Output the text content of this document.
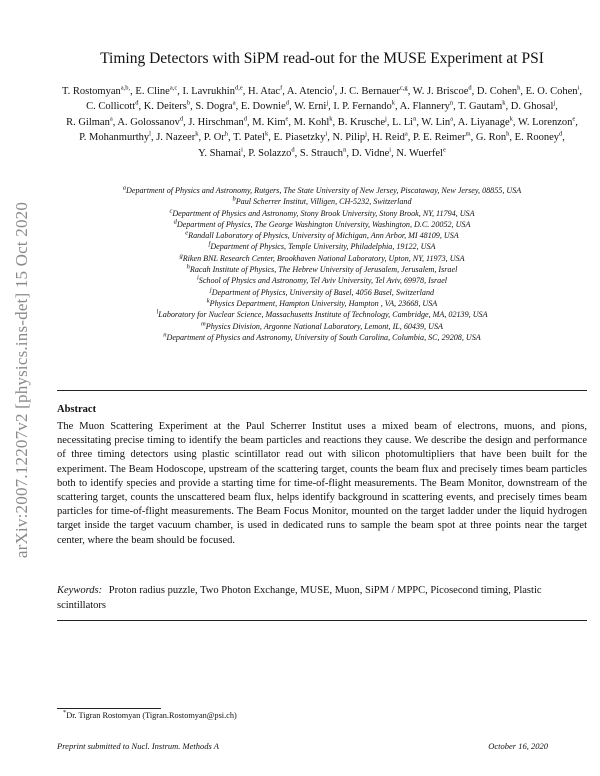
arXiv:2007.12207v2 [physics.ins-det] 15 Oct 2020
Timing Detectors with SiPM read-out for the MUSE Experiment at PSI
T. Rostomyan$^{a,b,}$, E. Cline$^{a,c}$, I. Lavrukhin$^{d,e}$, H. Atac$^f$, A. Atencio$^f$, J. C. Bernauer$^{c,g}$, W. J. Briscoe$^d$, D. Cohen$^h$, E. O. Cohen$^i$, C. Collicott$^d$, K. Deiters$^b$, S. Dogra$^a$, E. Downie$^d$, W. Erni$^j$, I. P. Fernando$^k$, A. Flannery$^n$, T. Gautam$^k$, D. Ghosal$^j$, R. Gilman$^a$, A. Golossanov$^d$, J. Hirschman$^d$, M. Kim$^e$, M. Kohl$^k$, B. Krusche$^j$, L. Li$^n$, W. Lin$^a$, A. Liyanage$^k$, W. Lorenzon$^e$, P. Mohanmurthy$^l$, J. Nazeer$^k$, P. Or$^h$, T. Patel$^k$, E. Piasetzky$^i$, N. Pilip$^j$, H. Reid$^a$, P. E. Reimer$^m$, G. Ron$^h$, E. Rooney$^d$, Y. Shamai$^i$, P. Solazzo$^d$, S. Strauch$^n$, D. Vidne$^i$, N. Wuerfel$^e$
$^a$Department of Physics and Astronomy, Rutgers, The State University of New Jersey, Piscataway, New Jersey, 08855, USA
$^b$Paul Scherrer Institut, Villigen, CH-5232, Switzerland
$^c$Department of Physics and Astronomy, Stony Brook University, Stony Brook, NY, 11794, USA
$^d$Department of Physics, The George Washington University, Washington, D.C. 20052, USA
$^e$Randall Laboratory of Physics, University of Michigan, Ann Arbor, MI 48109, USA
$^f$Department of Physics, Temple University, Philadelphia, 19122, USA
$^g$Riken BNL Research Center, Brookhaven National Laboratory, Upton, NY, 11973, USA
$^h$Racah Institute of Physics, The Hebrew University of Jerusalem, Jerusalem, Israel
$^i$School of Physics and Astronomy, Tel Aviv University, Tel Aviv, 69978, Israel
$^j$Department of Physics, University of Basel, 4056 Basel, Switzerland
$^k$Physics Department, Hampton University, Hampton , VA, 23668, USA
$^l$Laboratory for Nuclear Science, Massachusetts Institute of Technology, Cambridge, MA, 02139, USA
$^m$Physics Division, Argonne National Laboratory, Lemont, IL, 60439, USA
$^n$Department of Physics and Astronomy, University of South Carolina, Columbia, SC, 29208, USA
Abstract
The Muon Scattering Experiment at the Paul Scherrer Institut uses a mixed beam of electrons, muons, and pions, necessitating precise timing to identify the beam particles and reactions they cause. We describe the design and performance of three timing detectors using plastic scintillator read out with silicon photomultipliers that have been built for the experiment. The Beam Hodoscope, upstream of the scattering target, counts the beam flux and precisely times beam particles both to identify species and provide a starting time for time-of-flight measurements. The Beam Monitor, downstream of the scattering target, counts the unscattered beam flux, helps identify background in scattering events, and precisely times beam particles for time-of-flight measurements. The Beam Focus Monitor, mounted on the target ladder under the liquid hydrogen target inside the target vacuum chamber, is used in dedicated runs to sample the beam spot at three points near the target center, where the beam should be focused.
Keywords: Proton radius puzzle, Two Photon Exchange, MUSE, Muon, SiPM / MPPC, Picosecond timing, Plastic scintillators
*Dr. Tigran Rostomyan (Tigran.Rostomyan@psi.ch)
Preprint submitted to Nucl. Instrum. Methods A	October 16, 2020
